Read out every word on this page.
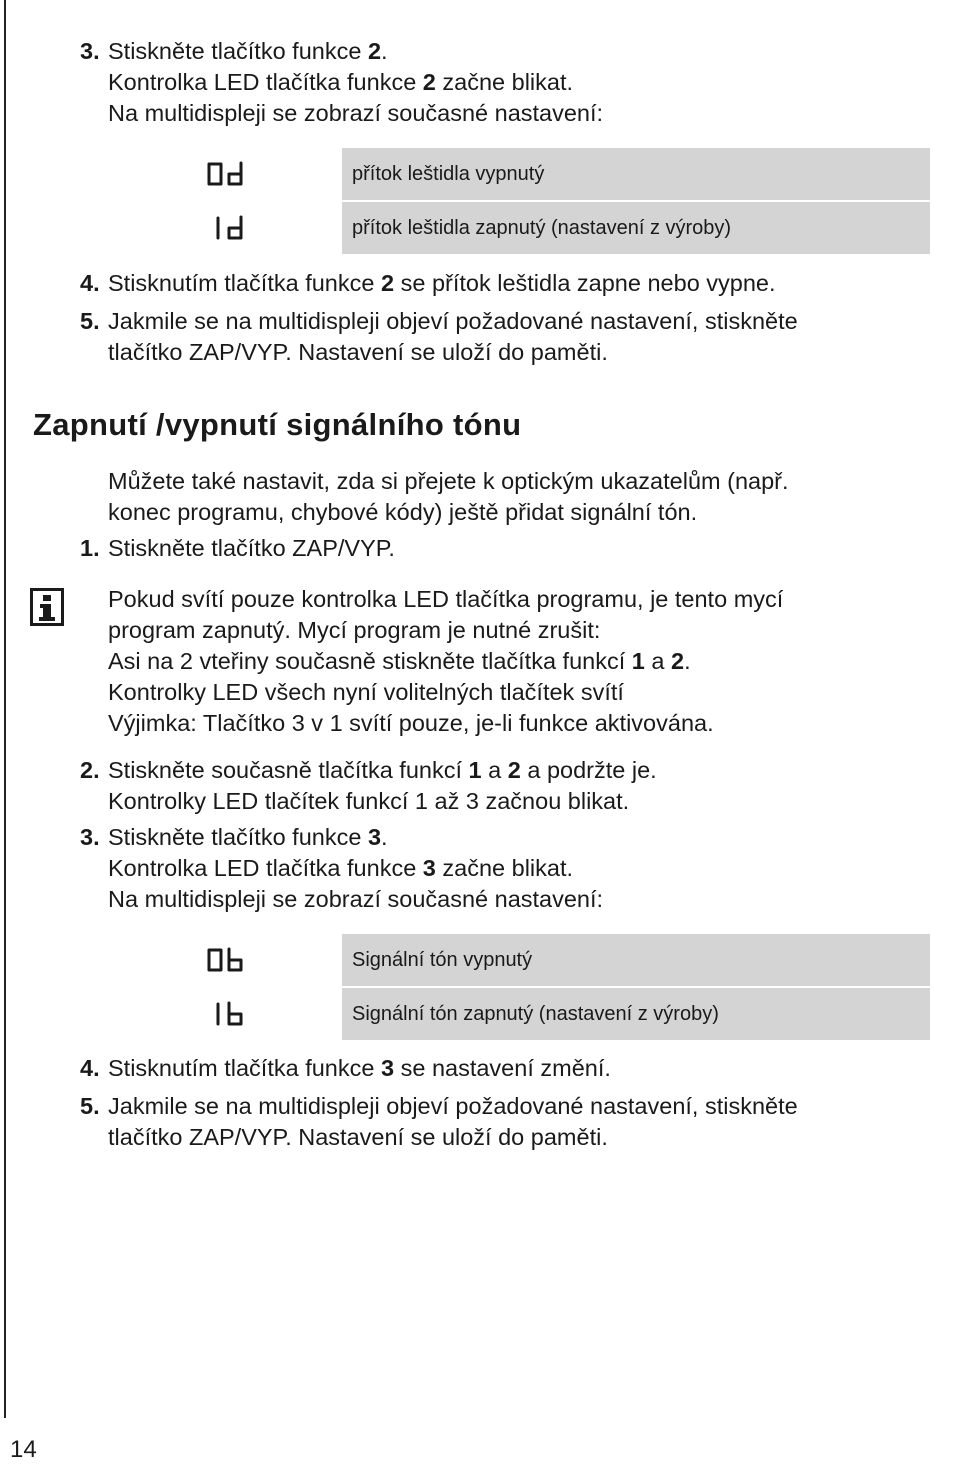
3. Stiskněte tlačítko funkce 2.
Kontrolka LED tlačítka funkce 2 začne blikat.
Na multidispleji se zobrazí současné nastavení:
přítok leštidla vypnutý
přítok leštidla zapnutý (nastavení z výroby)
4. Stisknutím tlačítka funkce 2 se přítok leštidla zapne nebo vypne.
5. Jakmile se na multidispleji objeví požadované nastavení, stiskněte
tlačítko ZAP/VYP. Nastavení se uloží do paměti.
Zapnutí /vypnutí signálního tónu
Můžete také nastavit, zda si přejete k optickým ukazatelům (např.
konec programu, chybové kódy) ještě přidat signální tón.
1. Stiskněte tlačítko ZAP/VYP.
Pokud svítí pouze kontrolka LED tlačítka programu, je tento mycí
program zapnutý. Mycí program je nutné zrušit:
Asi na 2 vteřiny současně stiskněte tlačítka funkcí 1 a 2.
Kontrolky LED všech nyní volitelných tlačítek svítí
Výjimka: Tlačítko 3 v 1 svítí pouze, je-li funkce aktivována.
2. Stiskněte současně tlačítka funkcí 1 a 2 a podržte je.
Kontrolky LED tlačítek funkcí 1 až 3 začnou blikat.
3. Stiskněte tlačítko funkce 3.
Kontrolka LED tlačítka funkce 3 začne blikat.
Na multidispleji se zobrazí současné nastavení:
Signální tón vypnutý
Signální tón zapnutý (nastavení z výroby)
4. Stisknutím tlačítka funkce 3 se nastavení změní.
5. Jakmile se na multidispleji objeví požadované nastavení, stiskněte
tlačítko ZAP/VYP. Nastavení se uloží do paměti.
14
